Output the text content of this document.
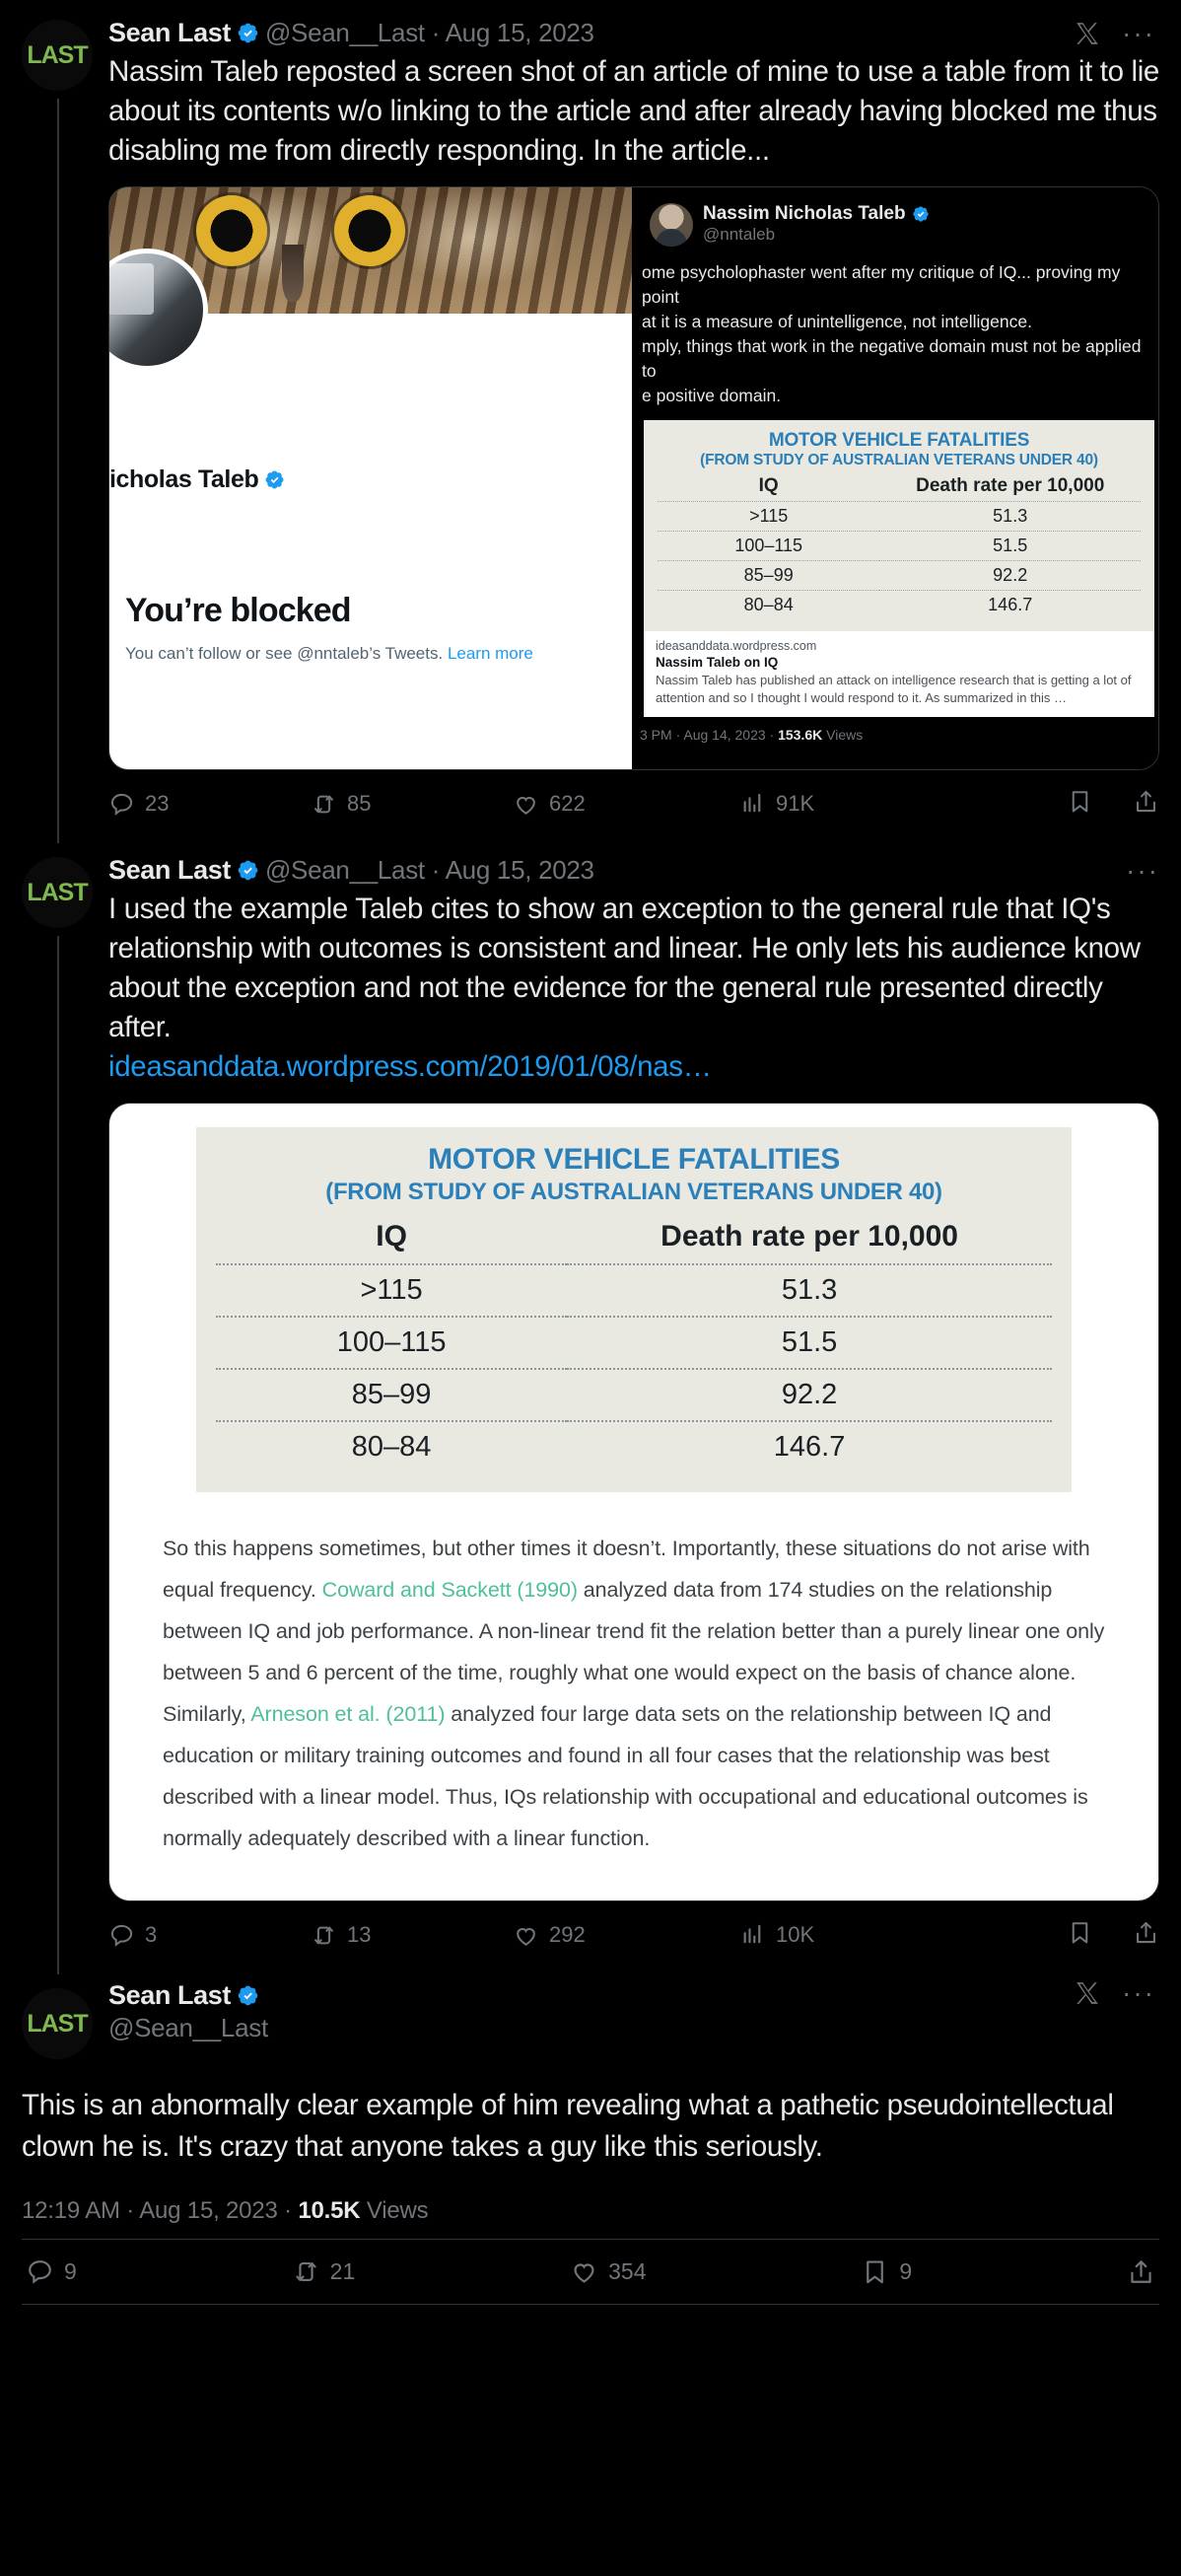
LAST
Sean Last @Sean__Last · Aug 15, 2023	···
Nassim Taleb reposted a screen shot of an article of mine to use a table from it to lie about its contents w/o linking to the article and after already having blocked me thus disabling me from directly responding. In the article...
icholas Taleb
You’re blocked
You can’t follow or see @nntaleb’s Tweets. Learn more
Nassim Nicholas Taleb
@nntaleb
ome psycholophaster went after my critique of IQ... proving my point
at it is a measure of unintelligence, not intelligence.
mply, things that work in the negative domain must not be applied to
e positive domain.
MOTOR VEHICLE FATALITIES
(FROM STUDY OF AUSTRALIAN VETERANS UNDER 40)
IQ	Death rate per 10,000
>115	51.3
100–115	51.5
85–99	92.2
80–84	146.7
ideasanddata.wordpress.com
Nassim Taleb on IQ
Nassim Taleb has published an attack on intelligence research that is getting a lot of attention and so I thought I would respond to it. As summarized in this …
3 PM · Aug 14, 2023 · 153.6K Views
23	85	622	91K
LAST
Sean Last @Sean__Last · Aug 15, 2023	···
I used the example Taleb cites to show an exception to the general rule that IQ's relationship with outcomes is consistent and linear. He only lets his audience know about the exception and not the evidence for the general rule presented directly after.
ideasanddata.wordpress.com/2019/01/08/nas…
MOTOR VEHICLE FATALITIES
(FROM STUDY OF AUSTRALIAN VETERANS UNDER 40)
IQ	Death rate per 10,000
>115	51.3
100–115	51.5
85–99	92.2
80–84	146.7
So this happens sometimes, but other times it doesn’t. Importantly, these situations do not arise with equal frequency. Coward and Sackett (1990) analyzed data from 174 studies on the relationship between IQ and job performance. A non-linear trend fit the relation better than a purely linear one only between 5 and 6 percent of the time, roughly what one would expect on the basis of chance alone. Similarly, Arneson et al. (2011) analyzed four large data sets on the relationship between IQ and education or military training outcomes and found in all four cases that the relationship was best described with a linear model. Thus, IQs relationship with occupational and educational outcomes is normally adequately described with a linear function.
3	13	292	10K
LAST
Sean Last
@Sean__Last
···
This is an abnormally clear example of him revealing what a pathetic pseudointellectual clown he is. It's crazy that anyone takes a guy like this seriously.
12:19 AM · Aug 15, 2023 · 10.5K Views
9	21	354	9
